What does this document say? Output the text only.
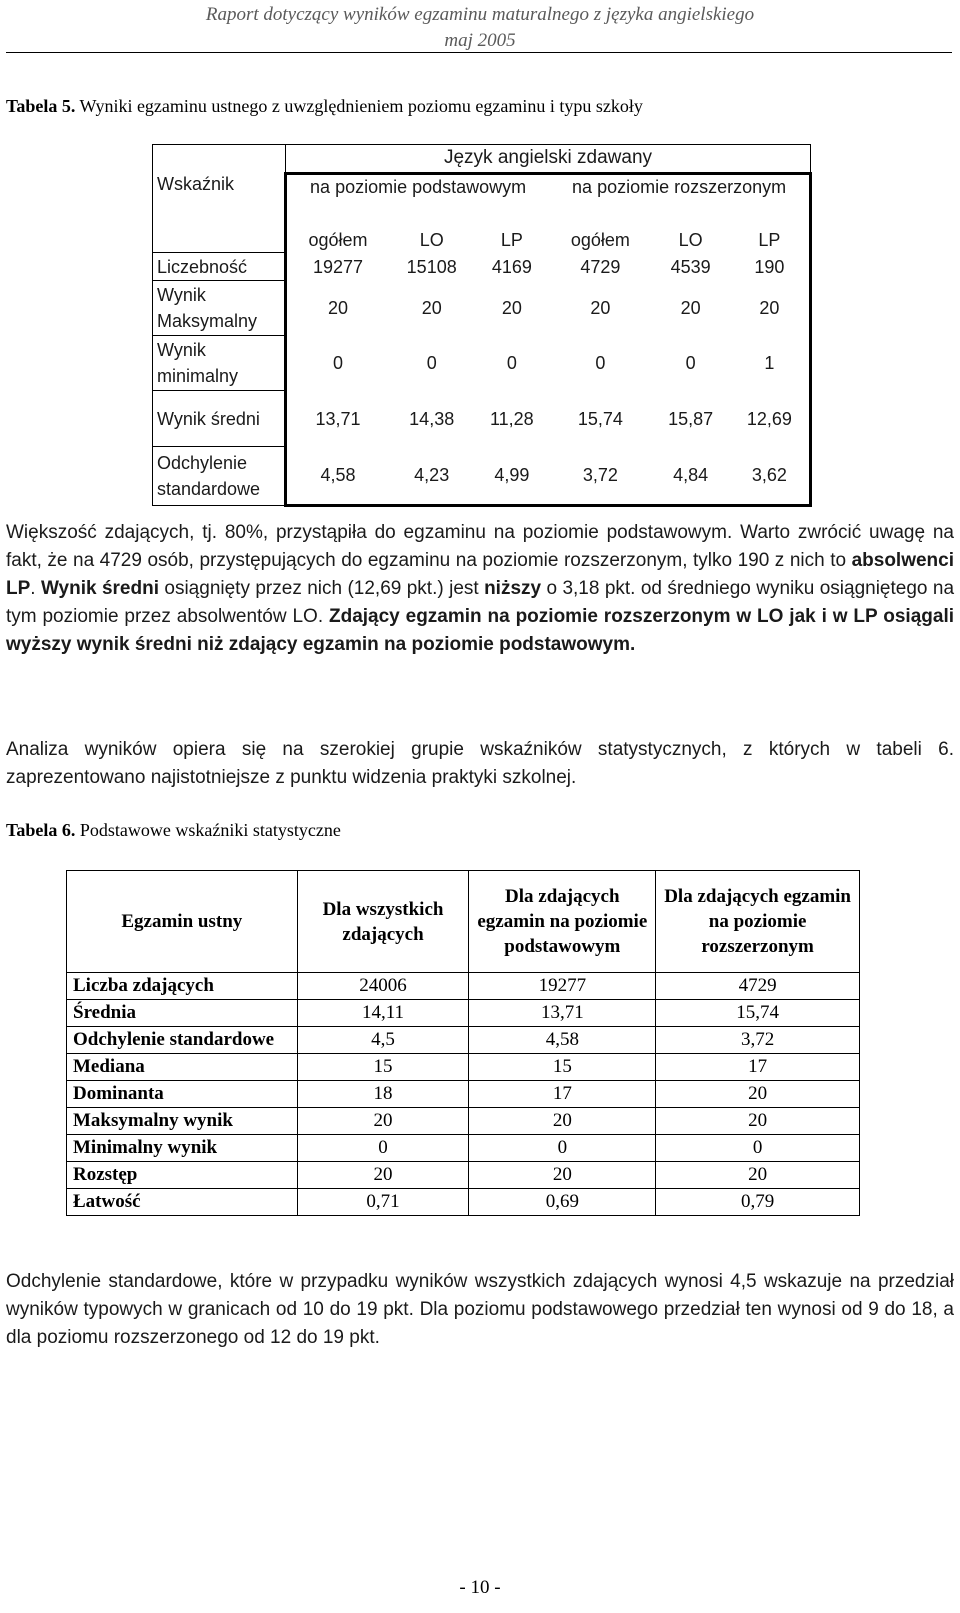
Raport dotyczący wyników egzaminu maturalnego z języka angielskiego
maj 2005
Tabela 5. Wyniki egzaminu ustnego z uwzględnieniem poziomu egzaminu i typu szkoły
Wskaźnik	Język angielski zdawany					
	na poziomie podstawowym			na poziomie rozszerzonym		
	ogółem	LO	LP	ogółem	LO	LP
Liczebność	19277	15108	4169	4729	4539	190
Wynik Maksymalny	20	20	20	20	20	20
Wynik minimalny	0	0	0	0	0	1
Wynik średni	13,71	14,38	11,28	15,74	15,87	12,69
Odchylenie standardowe	4,58	4,23	4,99	3,72	4,84	3,62

Większość zdających, tj. 80%, przystąpiła do egzaminu na poziomie podstawowym. Warto zwrócić uwagę na fakt, że na 4729 osób, przystępujących do egzaminu na poziomie rozszerzonym, tylko 190 z nich to absolwenci LP. Wynik średni osiągnięty przez nich (12,69 pkt.) jest niższy o 3,18 pkt. od średniego wyniku osiągniętego na tym poziomie przez absolwentów LO. Zdający egzamin na poziomie rozszerzonym w LO jak i w LP osiągali wyższy wynik średni niż zdający egzamin na poziomie podstawowym.

Analiza wyników opiera się na szerokiej grupie wskaźników statystycznych, z których w tabeli 6. zaprezentowano najistotniejsze z punktu widzenia praktyki szkolnej.

Tabela 6. Podstawowe wskaźniki statystyczne
Egzamin ustny	Dla wszystkich zdających	Dla zdających egzamin na poziomie podstawowym	Dla zdających egzamin na poziomie rozszerzonym
Liczba zdających	24006	19277	4729
Średnia	14,11	13,71	15,74
Odchylenie standardowe	4,5	4,58	3,72
Mediana	15	15	17
Dominanta	18	17	20
Maksymalny wynik	20	20	20
Minimalny wynik	0	0	0
Rozstęp	20	20	20
Łatwość	0,71	0,69	0,79

Odchylenie standardowe, które w przypadku wyników wszystkich zdających wynosi 4,5 wskazuje na przedział wyników typowych w granicach od 10 do 19 pkt. Dla poziomu podstawowego przedział ten wynosi od 9 do 18, a dla poziomu rozszerzonego od 12 do 19 pkt.

- 10 -
